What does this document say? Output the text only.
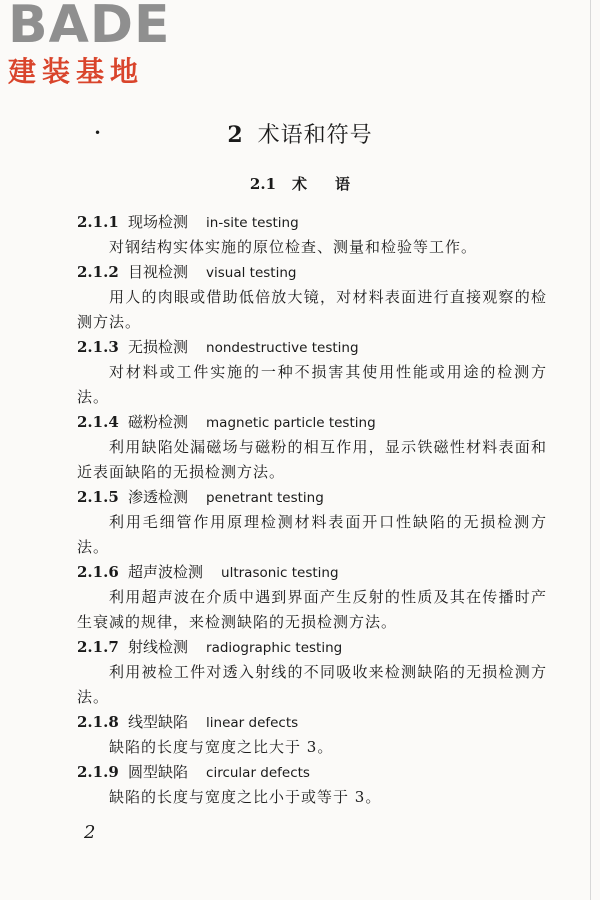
BADE
建装基地
•	2 术语和符号
2.1 术 语
2.1.1 现场检测 in-site testing

对钢结构实体实施的原位检查、测量和检验等工作。

2.1.2 目视检测 visual testing

用人的肉眼或借助低倍放大镜，对材料表面进行直接观察的检测方法。

2.1.3 无损检测 nondestructive testing

对材料或工件实施的一种不损害其使用性能或用途的检测方法。

2.1.4 磁粉检测 magnetic particle testing

利用缺陷处漏磁场与磁粉的相互作用，显示铁磁性材料表面和近表面缺陷的无损检测方法。

2.1.5 渗透检测 penetrant testing

利用毛细管作用原理检测材料表面开口性缺陷的无损检测方法。

2.1.6 超声波检测 ultrasonic testing

利用超声波在介质中遇到界面产生反射的性质及其在传播时产生衰减的规律，来检测缺陷的无损检测方法。

2.1.7 射线检测 radiographic testing

利用被检工件对透入射线的不同吸收来检测缺陷的无损检测方法。

2.1.8 线型缺陷 linear defects

缺陷的长度与宽度之比大于 3。

2.1.9 圆型缺陷 circular defects

缺陷的长度与宽度之比小于或等于 3。

2
